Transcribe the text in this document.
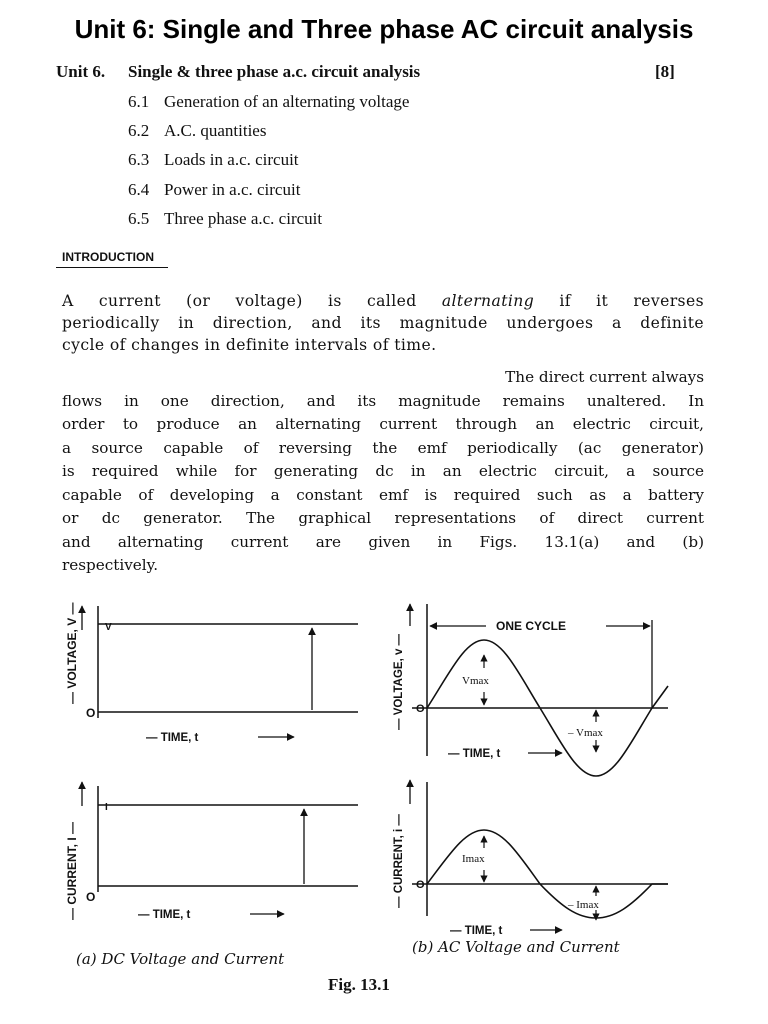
Unit 6: Single and Three phase AC circuit analysis
Unit 6. Single & three phase a.c. circuit analysis	[8]
6.1 Generation of an alternating voltage
6.2 A.C. quantities
6.3 Loads in a.c. circuit
6.4 Power in a.c. circuit
6.5 Three phase a.c. circuit
INTRODUCTION
A current (or voltage) is called alternating if it reverses
periodically in direction, and its magnitude undergoes a definite
cycle of changes in definite intervals of time.
The direct current always
flows in one direction, and its magnitude remains unaltered. In
order to produce an alternating current through an electric circuit,
a source capable of reversing the emf periodically (ac generator)
is required while for generating dc in an electric circuit, a source
capable of developing a constant emf is required such as a battery
or dc generator. The graphical representations of direct current
and alternating current are given in Figs. 13.1(a) and (b)
respectively.
— VOLTAGE, V —	V
O
— TIME, t
— CURRENT, I —
I
O
— TIME, t
ONE CYCLE
Vmax
– Vmax
— VOLTAGE, v — O
— TIME, t
Imax
– Imax
— CURRENT, i — O
— TIME, t
(a) DC Voltage and Current
(b) AC Voltage and Current
Fig. 13.1
